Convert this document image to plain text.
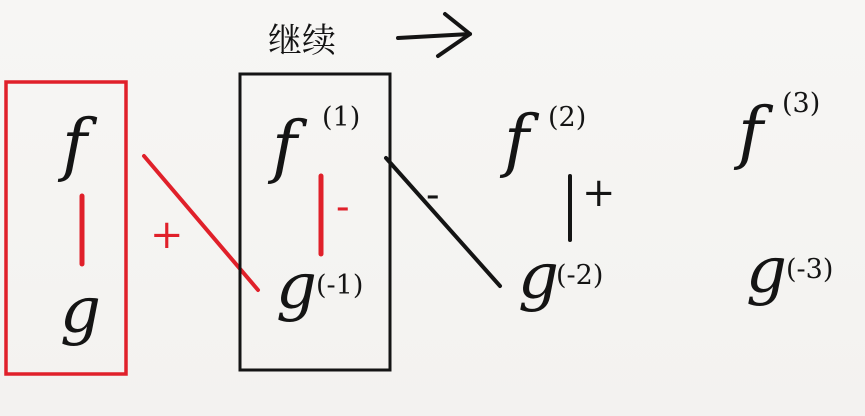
继续
f
g
+
f (1)
-
g (-1)
-
f (2)
+
g
(-2)
f (3)
g (-3)
